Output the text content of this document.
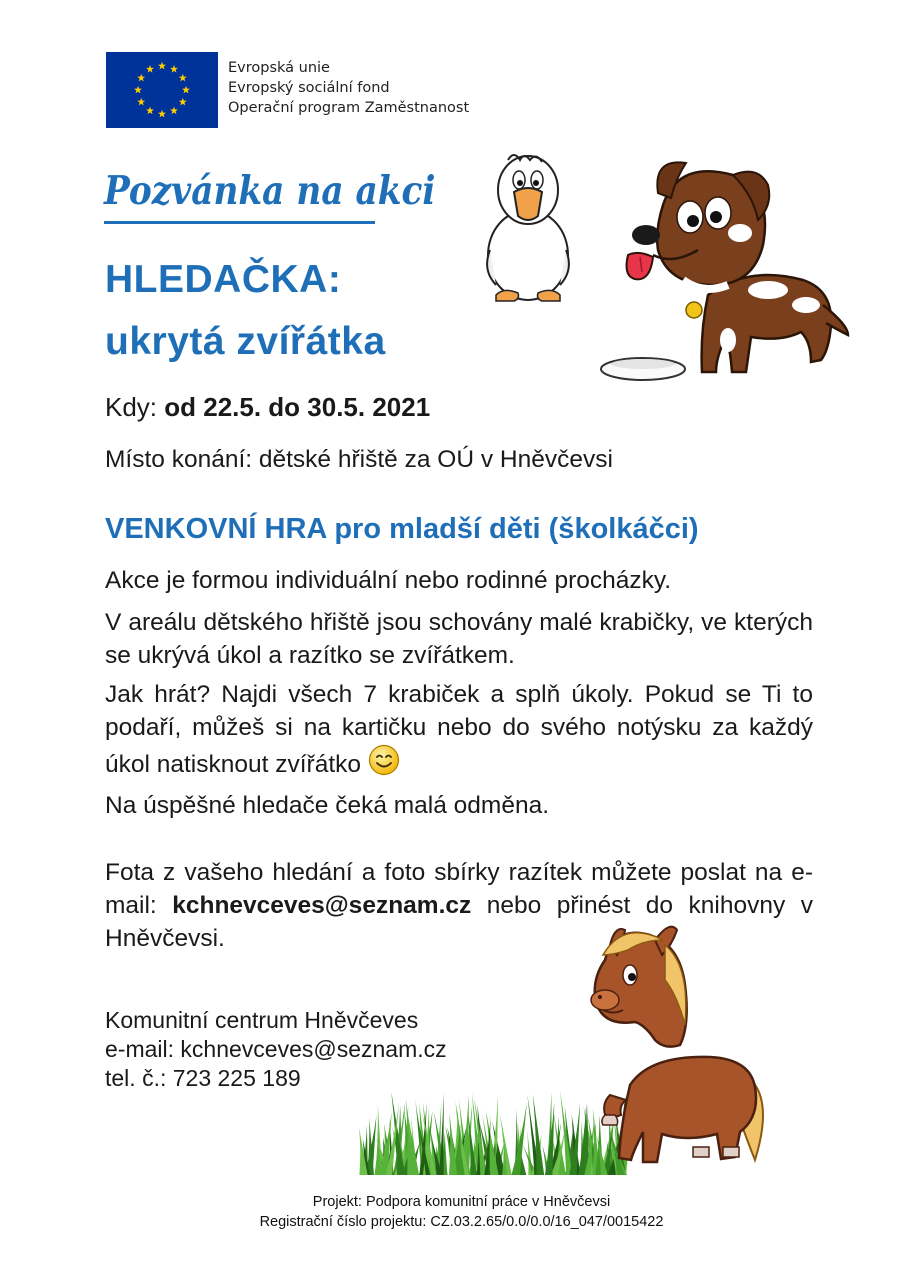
Evropská unie
Evropský sociální fond
Operační program Zaměstnanost
Pozvánka na akci
HLEDAČKA:
ukrytá zvířátka
Kdy: od 22.5. do 30.5. 2021
Místo konání: dětské hřiště za OÚ v Hněvčevsi
VENKOVNÍ HRA pro mladší děti (školkáčci)
Akce je formou individuální nebo rodinné procházky.
V areálu dětského hřiště jsou schovány malé krabičky, ve kterých se ukrývá úkol a razítko se zvířátkem.
Jak hrát? Najdi všech 7 krabiček a splň úkoly. Pokud se Ti to podaří, můžeš si na kartičku nebo do svého notýsku za každý úkol natisknout zvířátko
Na úspěšné hledače čeká malá odměna.
Fota z vašeho hledání a foto sbírky razítek můžete poslat na e-mail: kchnevceves@seznam.cz nebo přinést do knihovny v Hněvčevsi.
Komunitní centrum Hněvčeves
e-mail: kchnevceves@seznam.cz
tel. č.: 723 225 189
Projekt: Podpora komunitní práce v Hněvčevsi
Registrační číslo projektu: CZ.03.2.65/0.0/0.0/16_047/0015422
